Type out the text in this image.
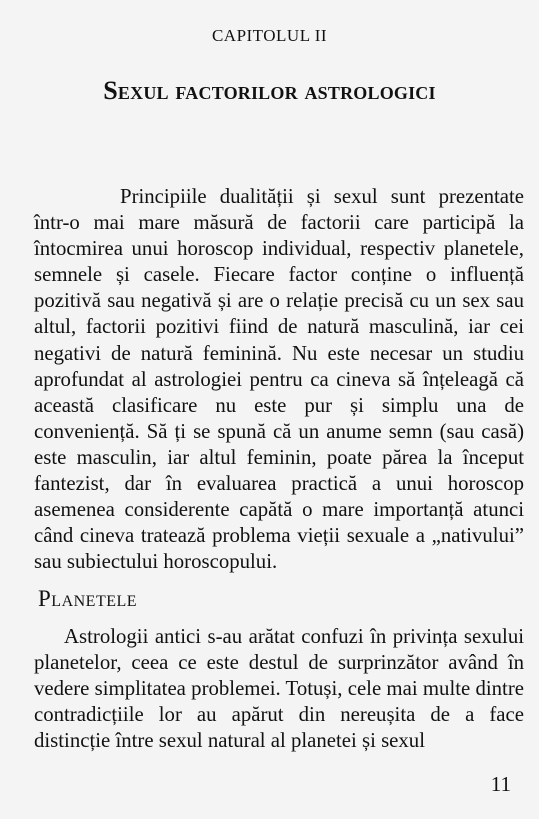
CAPITOLUL II
Sexul factorilor astrologici

Principiile dualității și sexul sunt prezentate într-o mai mare măsură de factorii care participă la întocmirea unui horoscop individual, respectiv planetele, semnele și casele. Fiecare factor conține o influență pozitivă sau negativă și are o relație precisă cu un sex sau altul, factorii pozitivi fiind de natură masculină, iar cei negativi de natură feminină. Nu este necesar un studiu aprofundat al astrologiei pentru ca cineva să înțeleagă că această clasificare nu este pur și simplu una de conveniență. Să ți se spună că un anume semn (sau casă) este masculin, iar altul feminin, poate părea la început fantezist, dar în evaluarea practică a unui horoscop asemenea considerente capătă o mare importanță atunci când cineva tratează problema vieții sexuale a „nativului” sau subiectului horoscopului.

Planetele

Astrologii antici s-au arătat confuzi în privința sexului planetelor, ceea ce este destul de surprinzător având în vedere simplitatea problemei. Totuși, cele mai multe dintre contradicțiile lor au apărut din nereușita de a face distincție între sexul natural al planetei și sexul

11
